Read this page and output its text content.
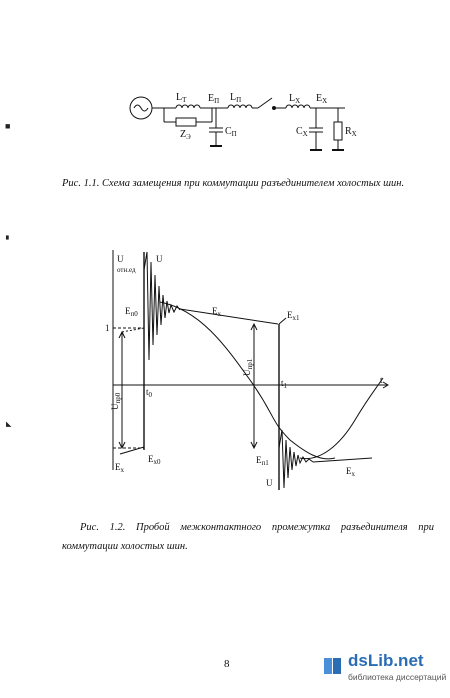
$L_T$
$Z_Э$
$E_П$ $L_П$
$C_П$
$L_X$ $E_X$
$C_X$	$R_X$
Рис. 1.1. Схема замещения при коммутации разъединителем холостых шин.
U
отн.ед
U
$E_{п0}$
1
$E_x$	$E_{x1}$
$U_{пр1}$
$t_0$
$t_1$
t
$U_{пр0}$
$E_x$
$E_{x0}$	$E_{п1}$
U
$E_x$
Рис. 1.2. Пробой межконтактного промежутка разъединителя при коммутации холостых шин.
■
▘
◣
8	dsLib.net
библиотека диссертаций
